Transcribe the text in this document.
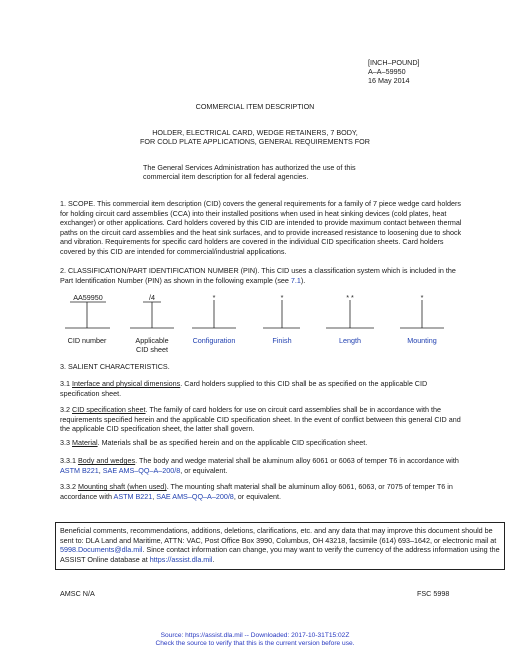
[INCH–POUND]
A–A–59950
16 May 2014
COMMERCIAL ITEM DESCRIPTION
HOLDER, ELECTRICAL CARD, WEDGE RETAINERS, 7 BODY,
FOR COLD PLATE APPLICATIONS, GENERAL REQUIREMENTS FOR
The General Services Administration has authorized the use of this
commercial item description for all federal agencies.
1. SCOPE. This commercial item description (CID) covers the general requirements for a family of 7 piece wedge card holders for holding circuit card assemblies (CCA) into their installed positions when used in heat sinking devices (cold plates, heat exchanger) or other applications. Card holders covered by this CID are intended to provide maximum contact between thermal paths on the circuit card assemblies and the heat sink surfaces, and to provide increased resistance to loosening due to shock and vibration. Requirements for specific card holders are covered in the individual CID specification sheets. Card holders covered by this CID are intended for commercial/industrial applications.
2. CLASSIFICATION/PART IDENTIFICATION NUMBER (PIN). This CID uses a classification system which is included in the Part Identification Number (PIN) as shown in the following example (see 7.1).
AA59950	/4	*	*	* *	*
CID number	Applicable
CID sheet
Configuration	Finish	Length	Mounting
3. SALIENT CHARACTERISTICS.
3.1 Interface and physical dimensions. Card holders supplied to this CID shall be as specified on the applicable CID specification sheet.
3.2 CID specification sheet. The family of card holders for use on circuit card assemblies shall be in accordance with the requirements specified herein and the applicable CID specification sheet. In the event of conflict between this general CID and the applicable CID specification sheet, the latter shall govern.
3.3 Material. Materials shall be as specified herein and on the applicable CID specification sheet.
3.3.1 Body and wedges. The body and wedge material shall be aluminum alloy 6061 or 6063 of temper T6 in accordance with ASTM B221, SAE AMS–QQ–A–200/8, or equivalent.
3.3.2 Mounting shaft (when used). The mounting shaft material shall be aluminum alloy 6061, 6063, or 7075 of temper T6 in accordance with ASTM B221, SAE AMS–QQ–A–200/8, or equivalent.
Beneficial comments, recommendations, additions, deletions, clarifications, etc. and any data that may improve this document should be sent to: DLA Land and Maritime, ATTN: VAC, Post Office Box 3990, Columbus, OH 43218, facsimile (614) 693–1642, or electronic mail at 5998.Documents@dla.mil. Since contact information can change, you may want to verify the currency of the address information using the ASSIST Online database at https://assist.dla.mil.
AMSC N/A	FSC 5998
Source: https://assist.dla.mil -- Downloaded: 2017-10-31T15:02Z
Check the source to verify that this is the current version before use.
